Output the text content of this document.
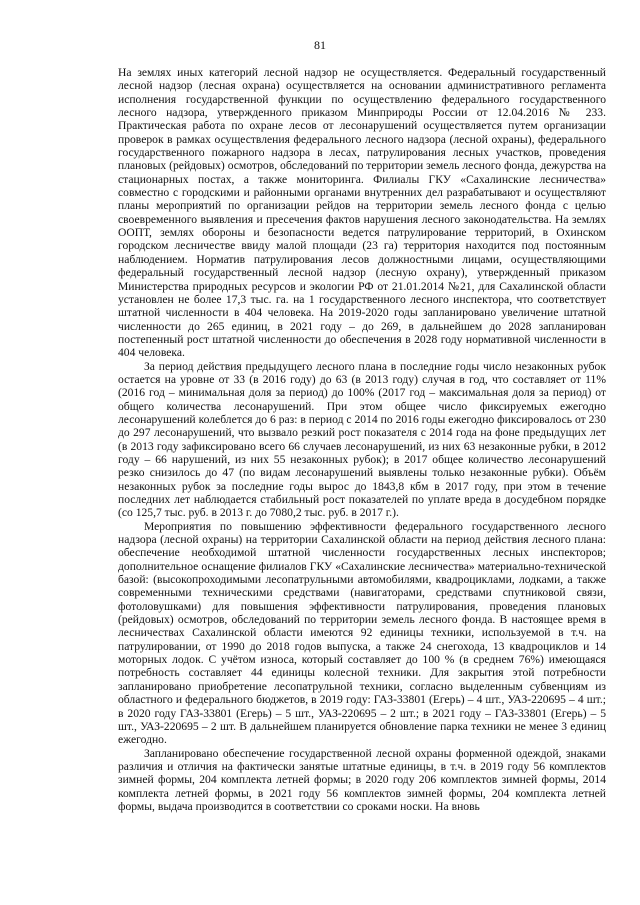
81

На землях иных категорий лесной надзор не осуществляется. Федеральный государственный лесной надзор (лесная охрана) осуществляется на основании административного регламента исполнения государственной функции по осуществлению федерального государственного лесного надзора, утвержденного приказом Минприроды России от 12.04.2016 № 233. Практическая работа по охране лесов от лесонарушений осуществляется путем организации проверок в рамках осуществления федерального лесного надзора (лесной охраны), федерального государственного пожарного надзора в лесах, патрулирования лесных участков, проведения плановых (рейдовых) осмотров, обследований по территории земель лесного фонда, дежурства на стационарных постах, а также мониторинга. Филиалы ГКУ «Сахалинские лесничества» совместно с городскими и районными органами внутренних дел разрабатывают и осуществляют планы мероприятий по организации рейдов на территории земель лесного фонда с целью своевременного выявления и пресечения фактов нарушения лесного законодательства. На землях ООПТ, землях обороны и безопасности ведется патрулирование территорий, в Охинском городском лесничестве ввиду малой площади (23 га) территория находится под постоянным наблюдением. Норматив патрулирования лесов должностными лицами, осуществляющими федеральный государственный лесной надзор (лесную охрану), утвержденный приказом Министерства природных ресурсов и экологии РФ от 21.01.2014 №21, для Сахалинской области установлен не более 17,3 тыс. га. на 1 государственного лесного инспектора, что соответствует штатной численности в 404 человека. На 2019-2020 годы запланировано увеличение штатной численности до 265 единиц, в 2021 году – до 269, в дальнейшем до 2028 запланирован постепенный рост штатной численности до обеспечения в 2028 году нормативной численности в 404 человека.

За период действия предыдущего лесного плана в последние годы число незаконных рубок остается на уровне от 33 (в 2016 году) до 63 (в 2013 году) случая в год, что составляет от 11% (2016 год – минимальная доля за период) до 100% (2017 год – максимальная доля за период) от общего количества лесонарушений. При этом общее число фиксируемых ежегодно лесонарушений колеблется до 6 раз: в период с 2014 по 2016 годы ежегодно фиксировалось от 230 до 297 лесонарушений, что вызвало резкий рост показателя с 2014 года на фоне предыдущих лет (в 2013 году зафиксировано всего 66 случаев лесонарушений, из них 63 незаконные рубки, в 2012 году – 66 нарушений, из них 55 незаконных рубок); в 2017 общее количество лесонарушений резко снизилось до 47 (по видам лесонарушений выявлены только незаконные рубки). Объём незаконных рубок за последние годы вырос до 1843,8 кбм в 2017 году, при этом в течение последних лет наблюдается стабильный рост показателей по уплате вреда в досудебном порядке (со 125,7 тыс. руб. в 2013 г. до 7080,2 тыс. руб. в 2017 г.).

Мероприятия по повышению эффективности федерального государственного лесного надзора (лесной охраны) на территории Сахалинской области на период действия лесного плана: обеспечение необходимой штатной численности государственных лесных инспекторов; дополнительное оснащение филиалов ГКУ «Сахалинские лесничества» материально-технической базой: (высокопроходимыми лесопатрульными автомобилями, квадроциклами, лодками, а также современными техническими средствами (навигаторами, средствами спутниковой связи, фотоловушками) для повышения эффективности патрулирования, проведения плановых (рейдовых) осмотров, обследований по территории земель лесного фонда. В настоящее время в лесничествах Сахалинской области имеются 92 единицы техники, используемой в т.ч. на патрулировании, от 1990 до 2018 годов выпуска, а также 24 снегохода, 13 квадроциклов и 14 моторных лодок. С учётом износа, который составляет до 100 % (в среднем 76%) имеющаяся потребность составляет 44 единицы колесной техники. Для закрытия этой потребности запланировано приобретение лесопатрульной техники, согласно выделенным субвенциям из областного и федерального бюджетов, в 2019 году: ГАЗ-33801 (Егерь) – 4 шт., УАЗ-220695 – 4 шт.; в 2020 году ГАЗ-33801 (Егерь) – 5 шт., УАЗ-220695 – 2 шт.; в 2021 году – ГАЗ-33801 (Егерь) – 5 шт., УАЗ-220695 – 2 шт. В дальнейшем планируется обновление парка техники не менее 3 единиц ежегодно.

Запланировано обеспечение государственной лесной охраны форменной одеждой, знаками различия и отличия на фактически занятые штатные единицы, в т.ч. в 2019 году 56 комплектов зимней формы, 204 комплекта летней формы; в 2020 году 206 комплектов зимней формы, 2014 комплекта летней формы, в 2021 году 56 комплектов зимней формы, 204 комплекта летней формы, выдача производится в соответствии со сроками носки. На вновь
